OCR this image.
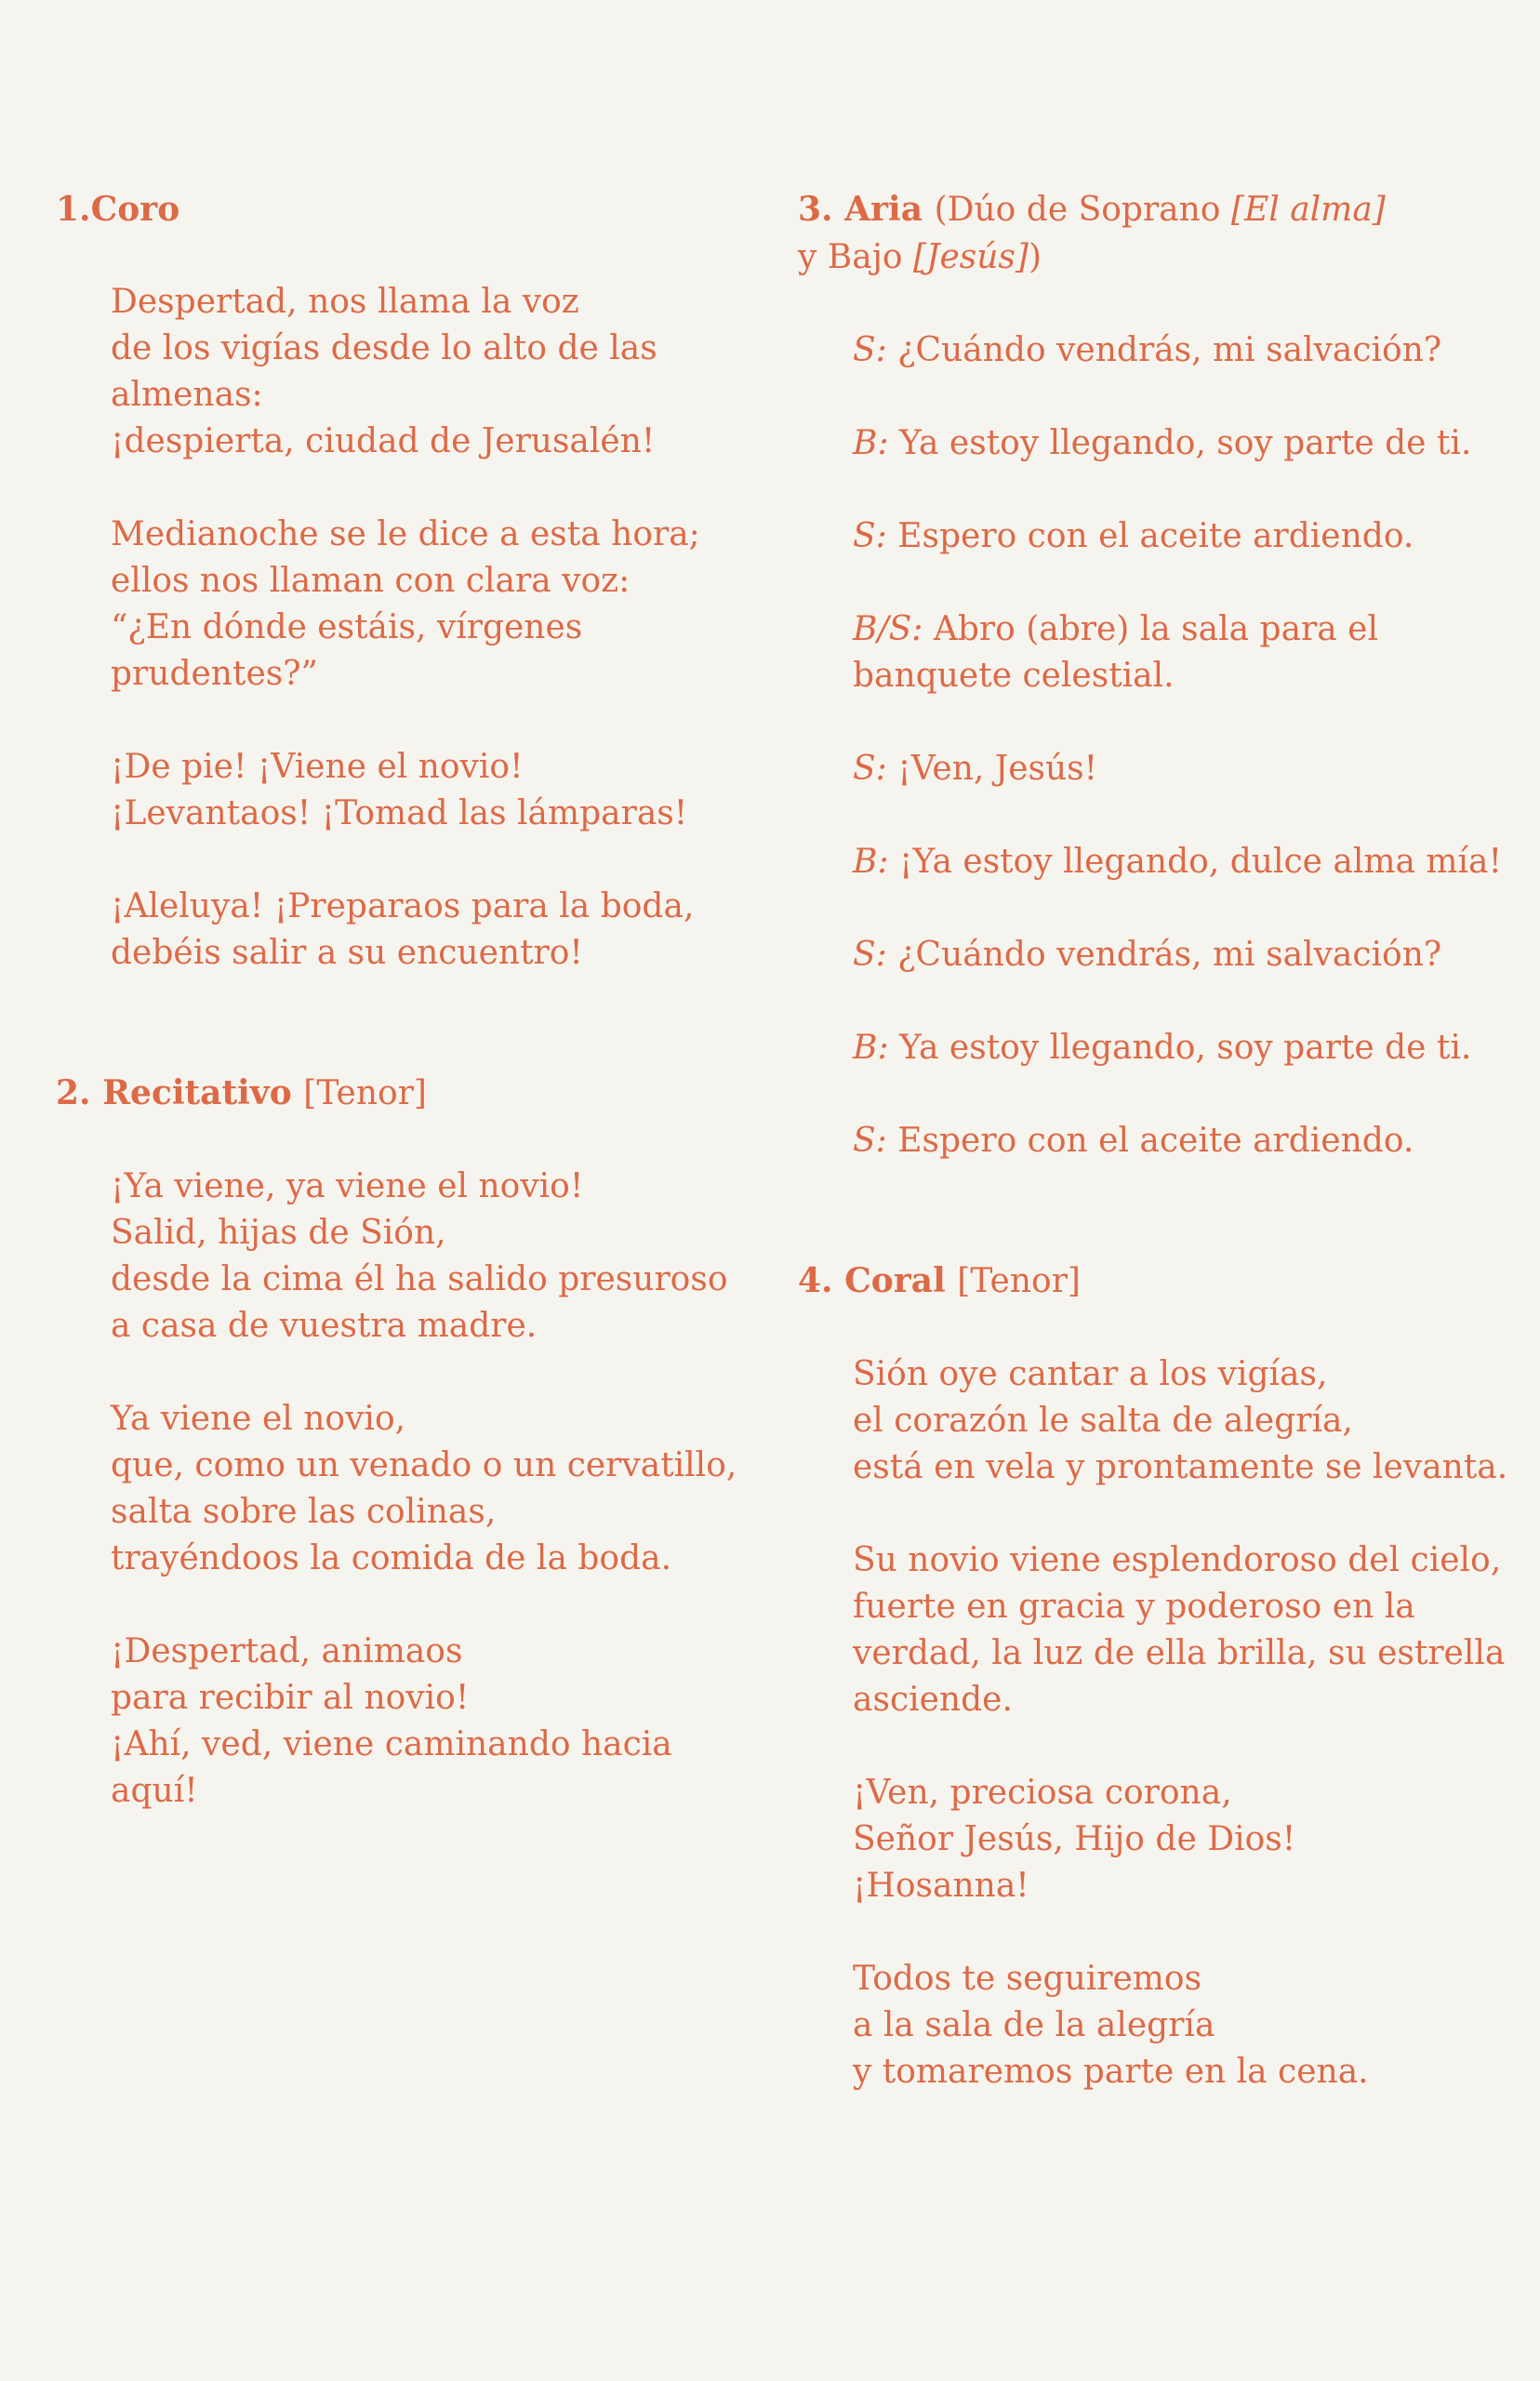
1.Coro

Despertad, nos llama la voz
de los vigías desde lo alto de las
almenas:
¡despierta, ciudad de Jerusalén!

Medianoche se le dice a esta hora;
ellos nos llaman con clara voz:
“¿En dónde estáis, vírgenes
prudentes?”

¡De pie! ¡Viene el novio!
¡Levantaos! ¡Tomad las lámparas!

¡Aleluya! ¡Preparaos para la boda,
debéis salir a su encuentro!

2. Recitativo [Tenor]

¡Ya viene, ya viene el novio!
Salid, hijas de Sión,
desde la cima él ha salido presuroso
a casa de vuestra madre.

Ya viene el novio,
que, como un venado o un cervatillo,
salta sobre las colinas,
trayéndoos la comida de la boda.

¡Despertad, animaos
para recibir al novio!
¡Ahí, ved, viene caminando hacia
aquí!

3. Aria (Dúo de Soprano [El alma]
y Bajo [Jesús])

S: ¿Cuándo vendrás, mi salvación?

B: Ya estoy llegando, soy parte de ti.

S: Espero con el aceite ardiendo.

B/S: Abro (abre) la sala para el
banquete celestial.

S: ¡Ven, Jesús!

B: ¡Ya estoy llegando, dulce alma mía!

S: ¿Cuándo vendrás, mi salvación?

B: Ya estoy llegando, soy parte de ti.

S: Espero con el aceite ardiendo.

4. Coral [Tenor]

Sión oye cantar a los vigías,
el corazón le salta de alegría,
está en vela y prontamente se levanta.

Su novio viene esplendoroso del cielo,
fuerte en gracia y poderoso en la
verdad, la luz de ella brilla, su estrella
asciende.

¡Ven, preciosa corona,
Señor Jesús, Hijo de Dios!
¡Hosanna!

Todos te seguiremos
a la sala de la alegría
y tomaremos parte en la cena.
